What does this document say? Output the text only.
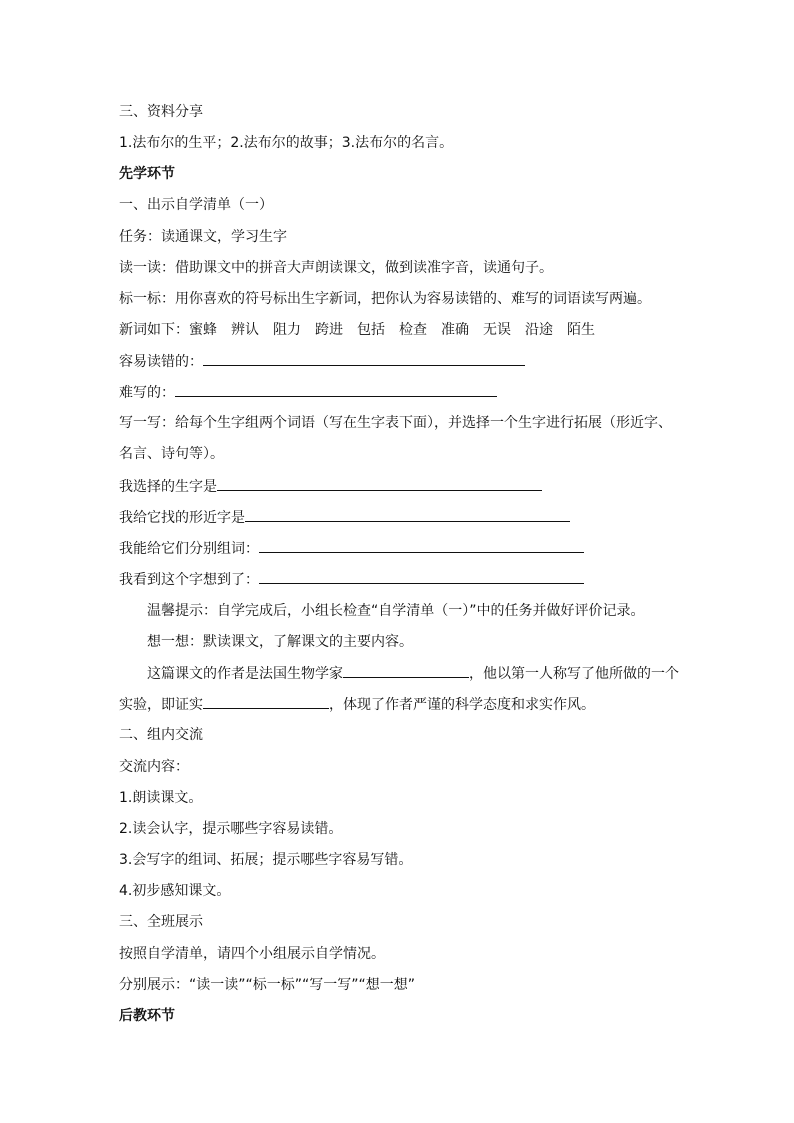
三、资料分享
1.法布尔的生平；2.法布尔的故事；3.法布尔的名言。
先学环节
一、出示自学清单（一）
任务：读通课文，学习生字
读一读：借助课文中的拼音大声朗读课文，做到读准字音，读通句子。
标一标：用你喜欢的符号标出生字新词，把你认为容易读错的、难写的词语读写两遍。
新词如下：蜜蜂 辨认 阻力 跨进 包括 检查 准确 无误 沿途 陌生
容易读错的：
难写的：
写一写：给每个生字组两个词语（写在生字表下面），并选择一个生字进行拓展（形近字、
名言、诗句等）。
我选择的生字是
我给它找的形近字是
我能给它们分别组词：
我看到这个字想到了：
温馨提示：自学完成后，小组长检查“自学清单（一）”中的任务并做好评价记录。
想一想：默读课文，了解课文的主要内容。
这篇课文的作者是法国生物学家	，他以第一人称写了他所做的一个
实验，即证实	，体现了作者严谨的科学态度和求实作风。
二、组内交流
交流内容：
1.朗读课文。
2.读会认字，提示哪些字容易读错。
3.会写字的组词、拓展；提示哪些字容易写错。
4.初步感知课文。
三、全班展示
按照自学清单，请四个小组展示自学情况。
分别展示：“读一读”“标一标”“写一写”“想一想”
后教环节
